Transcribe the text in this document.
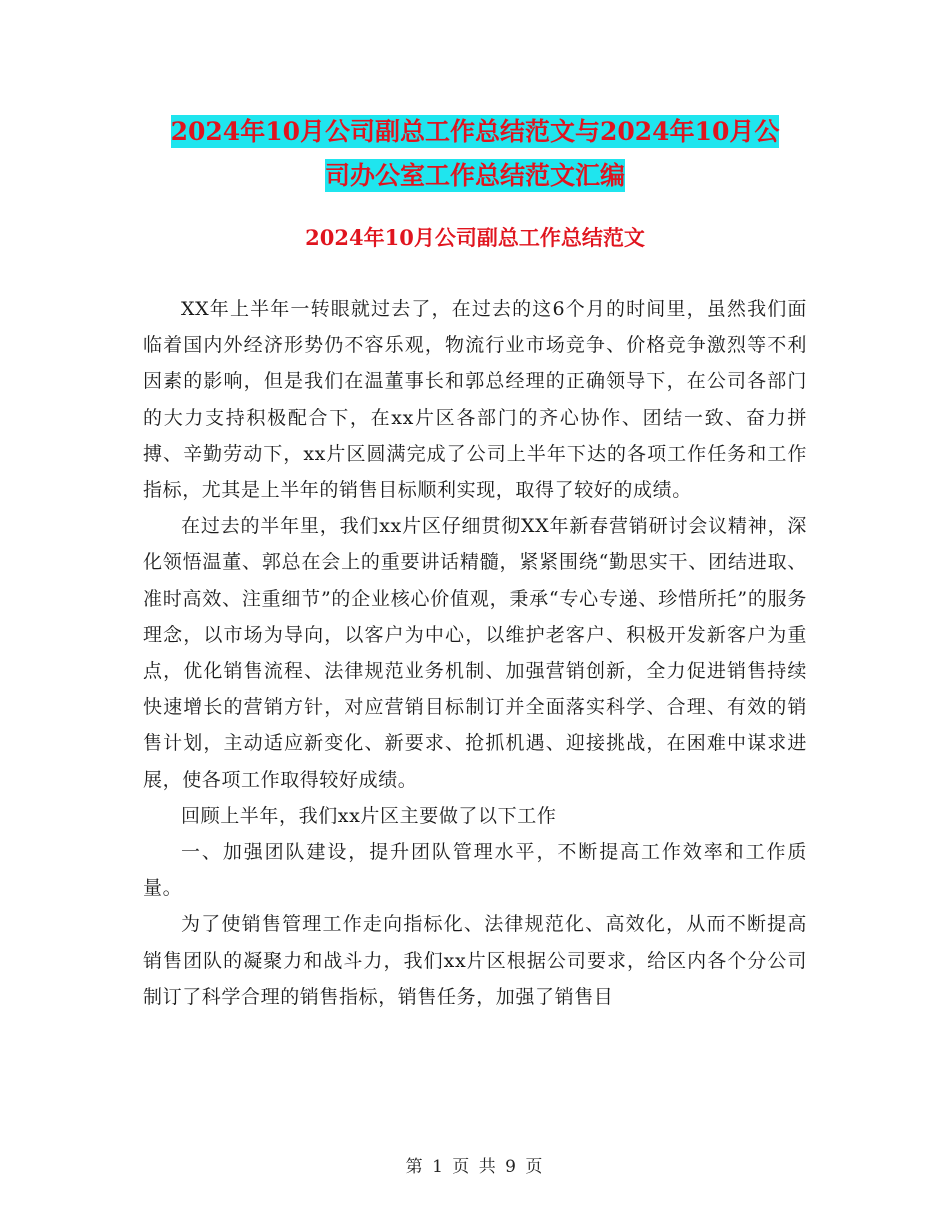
2024年10月公司副总工作总结范文与2024年10月公
司办公室工作总结范文汇编
2024年10月公司副总工作总结范文

XX年上半年一转眼就过去了，在过去的这6个月的时间里，虽然我们面临着国内外经济形势仍不容乐观，物流行业市场竞争、价格竞争激烈等不利因素的影响，但是我们在温董事长和郭总经理的正确领导下，在公司各部门的大力支持积极配合下，在xx片区各部门的齐心协作、团结一致、奋力拼搏、辛勤劳动下，xx片区圆满完成了公司上半年下达的各项工作任务和工作指标，尤其是上半年的销售目标顺利实现，取得了较好的成绩。

在过去的半年里，我们xx片区仔细贯彻XX年新春营销研讨会议精神，深化领悟温董、郭总在会上的重要讲话精髓，紧紧围绕“勤思实干、团结进取、准时高效、注重细节”的企业核心价值观，秉承“专心专递、珍惜所托”的服务理念，以市场为导向，以客户为中心，以维护老客户、积极开发新客户为重点，优化销售流程、法律规范业务机制、加强营销创新，全力促进销售持续快速增长的营销方针，对应营销目标制订并全面落实科学、合理、有效的销售计划，主动适应新变化、新要求、抢抓机遇、迎接挑战，在困难中谋求进展，使各项工作取得较好成绩。

回顾上半年，我们xx片区主要做了以下工作

一、加强团队建设，提升团队管理水平，不断提高工作效率和工作质量。

为了使销售管理工作走向指标化、法律规范化、高效化，从而不断提高销售团队的凝聚力和战斗力，我们xx片区根据公司要求，给区内各个分公司制订了科学合理的销售指标，销售任务，加强了销售目

第 1 页 共 9 页
